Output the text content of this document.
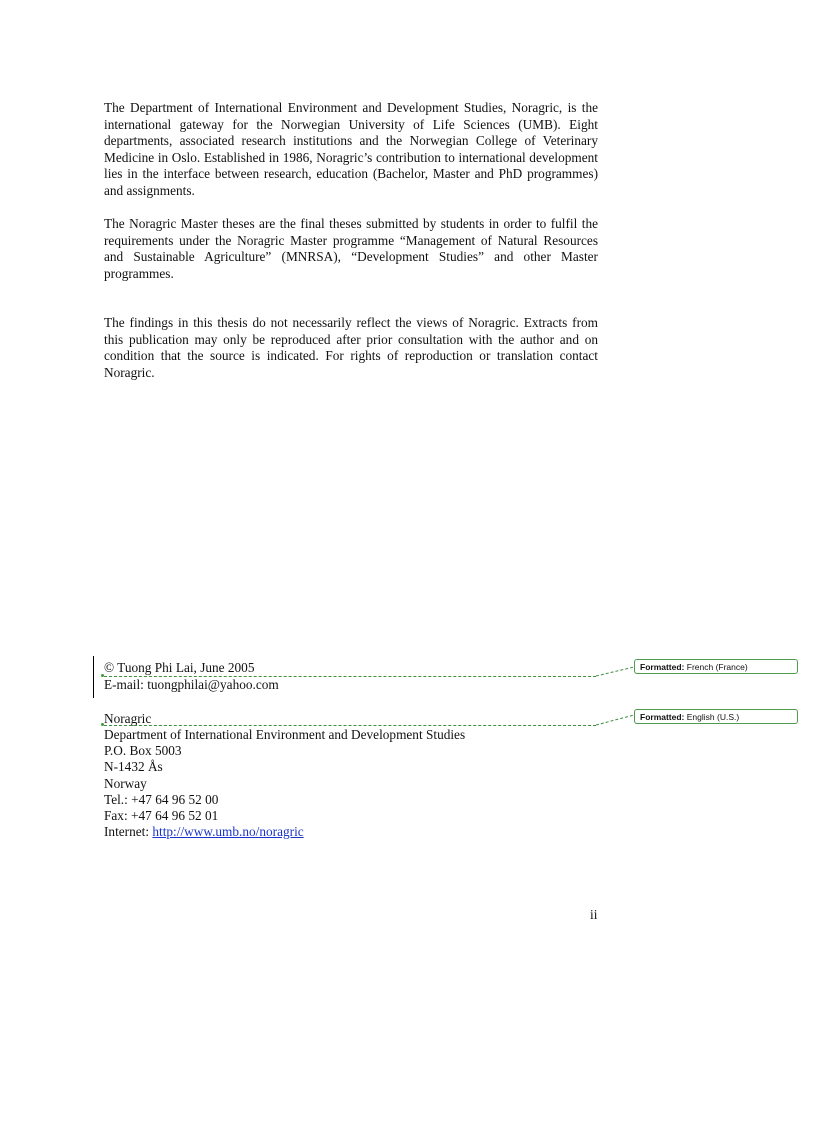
The Department of International Environment and Development Studies, Noragric, is the international gateway for the Norwegian University of Life Sciences (UMB). Eight departments, associated research institutions and the Norwegian College of Veterinary Medicine in Oslo. Established in 1986, Noragric’s contribution to international development lies in the interface between research, education (Bachelor, Master and PhD programmes) and assignments.

The Noragric Master theses are the final theses submitted by students in order to fulfil the requirements under the Noragric Master programme “Management of Natural Resources and Sustainable Agriculture” (MNRSA), “Development Studies” and other Master programmes.

The findings in this thesis do not necessarily reflect the views of Noragric. Extracts from this publication may only be reproduced after prior consultation with the author and on condition that the source is indicated. For rights of reproduction or translation contact Noragric.

© Tuong Phi Lai, June 2005
E-mail: tuongphilai@yahoo.com
Noragric
Department of International Environment and Development Studies
P.O. Box 5003
N-1432 Ås
Norway
Tel.: +47 64 96 52 00
Fax: +47 64 96 52 01
Internet: http://www.umb.no/noragric
Formatted: French (France)
Formatted: English (U.S.)
ii
